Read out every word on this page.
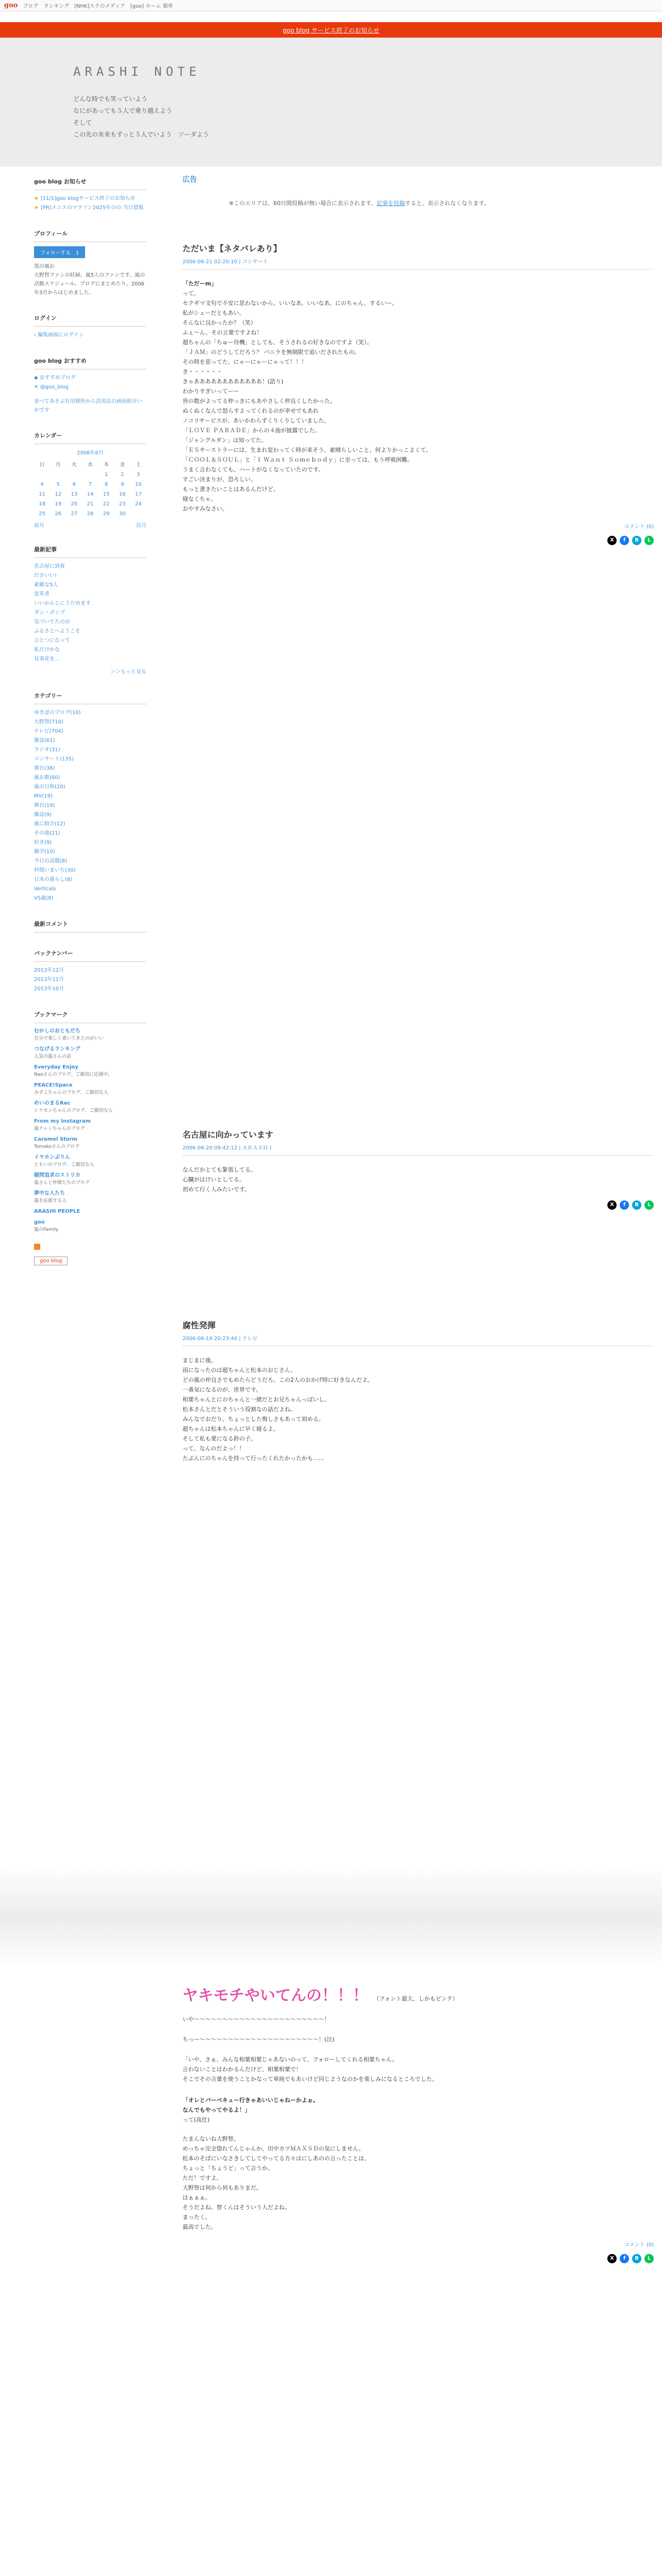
goo ブログ ランキング [NHK]スクのメディア [goo] ホーム 簡単
goo blog サービス終了のお知らせ
ARASHI NOTE

どんな時でも笑っていよう

なにがあっても５人で乗り越えよう

そして

この先の未来もずっと５人でいよう　ソーダよう

goo blog お知らせ
★ [11/1]goo blogサービス終了のお知らせ
★ [PR]メニスのマラソン2025年のの 当日情報
プロフィール
フォローする　 1
黒の風わ
大野智ファンの妊婦。嵐5人のファンです。嵐の活動スケジュール、ブログにまとめたり、2006年3月からはじめました。
ログイン
› 編集画面にログイン
goo blog おすすめ
◆ おすすめブログ
✕ @goo_blog
並べてあそぶ有用便所から活用法の画面紹介いかです
カレンダー
2006年6月
日	月	火	水	木	金	土
				1	2	3
4	5	6	7	8	9	10
11	12	13	14	15	16	17
18	19	20	21	22	23	24
25	26	27	28	29	30	
前月	次月
最新記事
名古屋に到着
ださいい!
素敵な5人
変革者
いいかんじにうだめます
ダン・ポンプ
気づいてたのが
ふるさとへようこそ
ひとつになって
私だけかな
見事花を...
＞＞もっと見る
カテゴリー
ゆきぽのブログ(10)
大野智(710)
テレビ(704)
雑誌(61)
ラジオ(31)
コンサート(135)
舞台(38)
嵐お歌(60)
嵐の日和(20)
MV(19)
舞台(19)
雑誌(9)
嵐に紹介(12)
その他(21)
好き(9)
雑学(10)
今日の話題(8)
仲間いまいち(30)
日本の暮らし(8)
Verticals
VS嵐(8)
最新コメント
バックナンバー
2013年12月
2013年11月
2013年10月
ブックマーク
むかしのおともだち
自分で楽しく書いてきたのがいい
つなげるランキング
人気の嵐さんの話
Everyday Enjoy
Naoさんのブログ。ご親切に応援中。
PEACE!Space
みずこちゃんのブログ、ご親切な人
めいのまるRec
シナモンちゃんのブログ、ご親切な人
From my Instagram
嵐チャンちゃんのブログ
Caramel Storm
Tomokoさんのブログ
イヤホンぷりん
ともいのブログ、ご親切な人
疑問追求のストリカ
嵐さんと仲間たちのブログ
夢中な人たち
嵐を応援する人
ARASHI PEOPLE
goo
嵐のFamily
goo blog
広告
※このエリアは、60日間投稿が無い場合に表示されます。記事を投稿すると、表示されなくなります。
ただいま【ネタバレあり】
2006-06-21 02:20:10 | コンサート

「ただーm」

って。

セクギマ文句で不安に思わないから、いいなあ、いいなあ、にのちゃん、するいー。

私がシェーだともあい。

そんなに良かったか？（笑）

ふぇ～ん。その言葉ですよね！

超ちゃんの「ちゅー待機」としても、そうされるの好きなのですよ（笑）。

「ＪＡＭ」のどうしてだろう？ バニラを無制限で追いだされたもの。

その時を思ってた、にゃーにゃーにゃって！！！

き・・・・・・

きゃああああああああああああ！(語り)

わかりすぎいってーー

皆の数がよってる仲っきにもあやさしく仲良くしたかった。

ぬくぬくなんで怒らすよってくれるのが幸せでもあれ

ノコリサービスが、あいかわらずくりくりしていました。

「ＬＯＶＥ ＰＡＲＡＤＥ」からの４曲が披露でした。

「ジャングルダン」は知ってた。

「ＥＳサーストラーには、生まれ変わってく時が来そう、素晴らしいこと、何よりかっこよくて。

「ＣＯＯＬ＆ＳＯＵＬ」と「Ｉ Ｗａｎｔ Ｓｏｍｅｂｏｄｙ」に至っては、もう呼吸困難。

うまく言わなくても、ハートがなくなっていたのです。

すごい決まりが、恐ろしい。

もっと書きたいことはあるんだけど。

寝なくちゃ。

おやすみなさい。

コメント (0)
X	f	B	L
名古屋に向かっています
2006-06-20 09:42:12 | ＡＲＡＳＨＩ

なんだかとても緊張してる。

心臓がはけいとしてる。

初めて行く人みたいです。

X	f	B	L
腐性発揮
2006-06-19 20:23:40 | テレビ

まじまに後。

雨になったのは超ちゃんと松本のおじさん。

どの嵐の仲良さでもめたらどうだろ、この2人のおかげ時に好きなんだよ。

一番気になるのが、世界です。

相葉ちゃんとにのちゃんと一緒だとお兄ちゃんっぽいし、

松本さんとだとそういう役割なの話だよね。

みんなでおだり、ちょっとした悔しさもあって初める。

超ちゃんは松本ちゃんに早く寝るよ。

そして私も愛になる鈴の子。

って、なんのだよっ！！

たぶんにのちゃんを持って行ったくれたかったかも……

ヤキモチやいてんの！！！ （フォント最大、しかもピンク）

いや～～～～～～～～～～～～～～～～～～～～～～～！

ちっー～～～～～～～～～～～～～～～～～～～～～！(泣)

「いや、さぁ、みんな相葉相葉じゃあないのって、フォローしてくれる相葉ちゃん。

言わないことはわかるんだけど、相葉相葉で！

そこでその言葉を使うことかなって単純でもあいけど同じようなのかを楽しみになるところでした。

「オレとバーベキュー行きゃあいいじゃねーかよぉ。
なんでもやってやるよ！」

って(高仕)

たまんないね大野智。

めっちゃ完全惚れてんじゃんか、田中カツＭＡＸＳＤの気にしません。

松本のそばにいなさきしてしてやってる方々はにしあのの言ったことは、

ちょっと「ちょうど」って言うか。

ただ！ですよ。

大野智は何から何もありまだ。

はぁぁぁ。

そうだよね、智くんはそういう人だよね。

まったく。

最高でした。

コメント (0)
X	f	B	L
